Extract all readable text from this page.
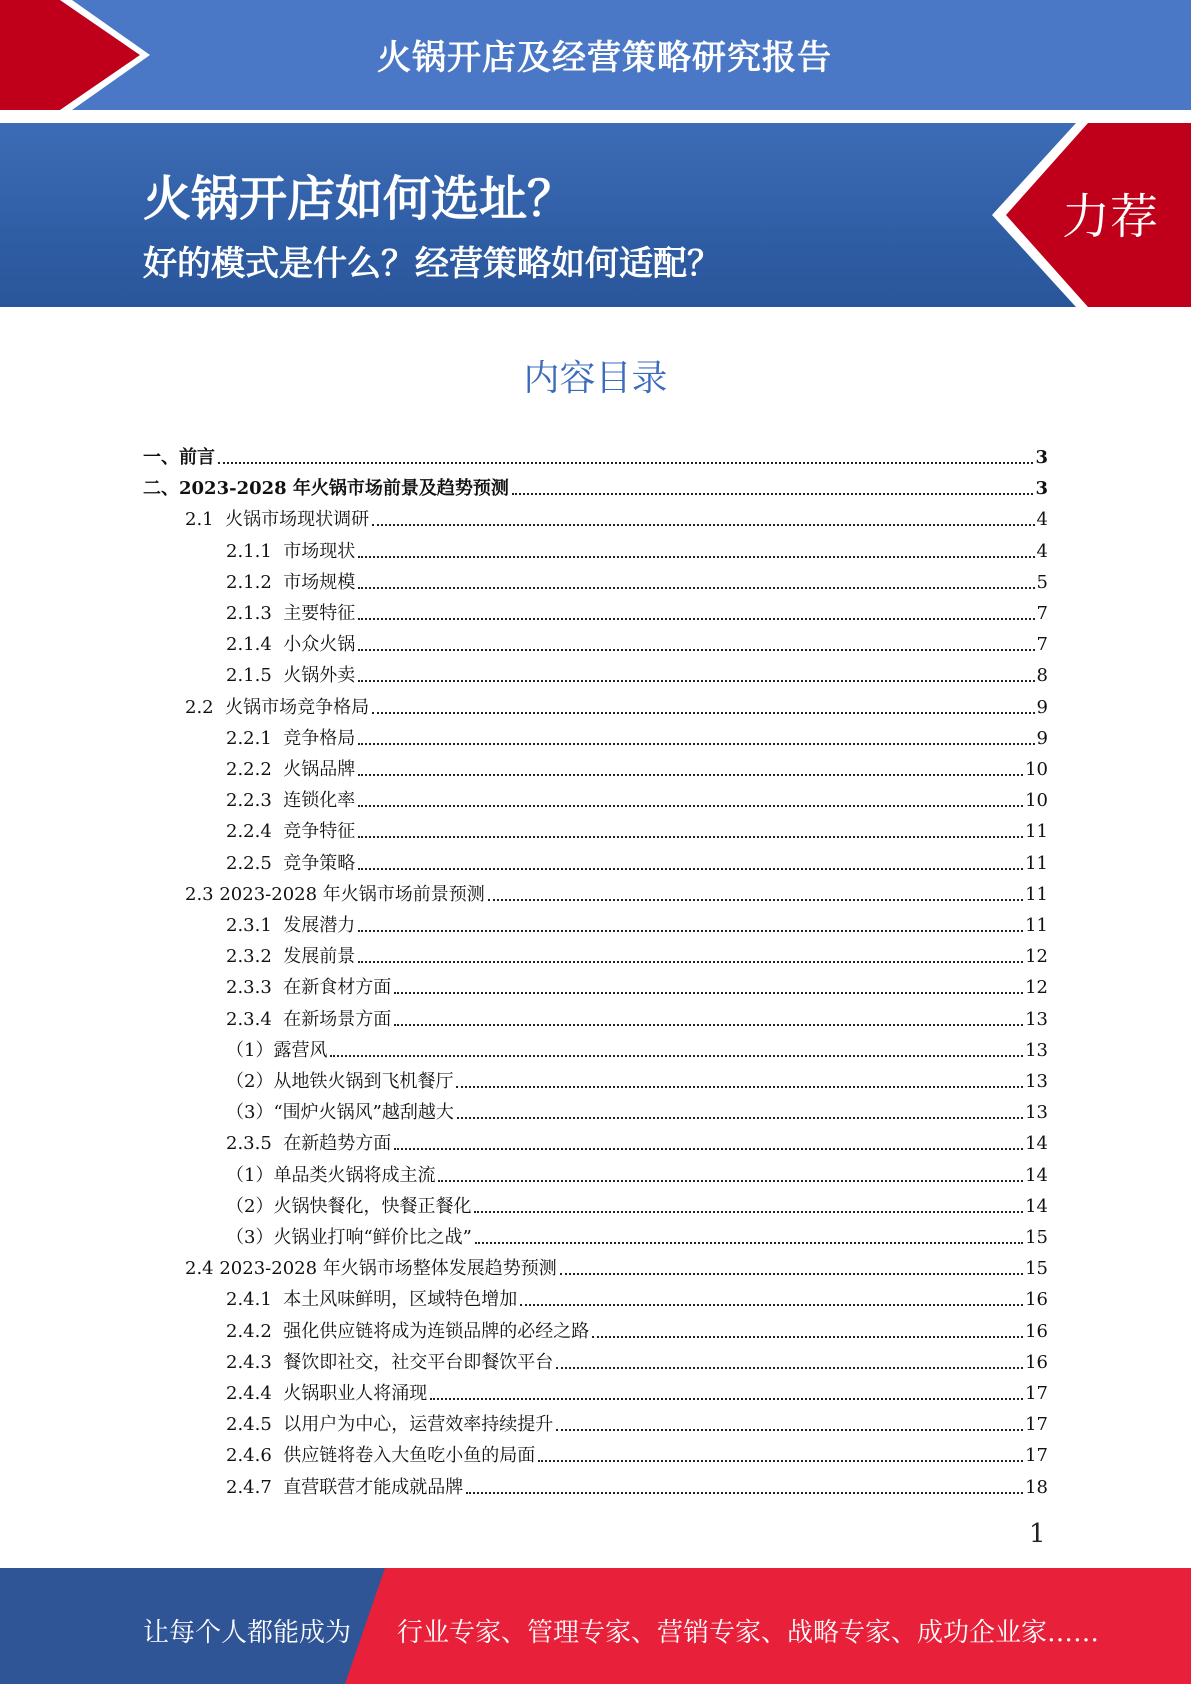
火锅开店及经营策略研究报告
火锅开店如何选址？
好的模式是什么？经营策略如何适配？
力荐
内容目录
一、 前言	3
二、 2023-2028 年火锅市场前景及趋势预测	3
2.1 火锅市场现状调研	4
2.1.1 市场现状	4
2.1.2 市场规模	5
2.1.3 主要特征	7
2.1.4 小众火锅	7
2.1.5 火锅外卖	8
2.2 火锅市场竞争格局	9
2.2.1 竞争格局	9
2.2.2 火锅品牌	10
2.2.3 连锁化率	10
2.2.4 竞争特征	11
2.2.5 竞争策略	11
2.3 2023-2028 年火锅市场前景预测	11
2.3.1 发展潜力	11
2.3.2 发展前景	12
2.3.3 在新食材方面	12
2.3.4 在新场景方面	13
（1） 露营风	13
（2） 从地铁火锅到飞机餐厅	13
（3） “围炉火锅风”越刮越大	13
2.3.5 在新趋势方面	14
（1） 单品类火锅将成主流	14
（2） 火锅快餐化，快餐正餐化	14
（3） 火锅业打响“鲜价比之战”	15
2.4 2023-2028 年火锅市场整体发展趋势预测	15
2.4.1 本土风味鲜明，区域特色增加	16
2.4.2 强化供应链将成为连锁品牌的必经之路	16
2.4.3 餐饮即社交，社交平台即餐饮平台	16
2.4.4 火锅职业人将涌现	17
2.4.5 以用户为中心，运营效率持续提升	17
2.4.6 供应链将卷入大鱼吃小鱼的局面	17
2.4.7 直营联营才能成就品牌	18
1
让每个人都能成为 行业专家、管理专家、营销专家、战略专家、成功企业家……
